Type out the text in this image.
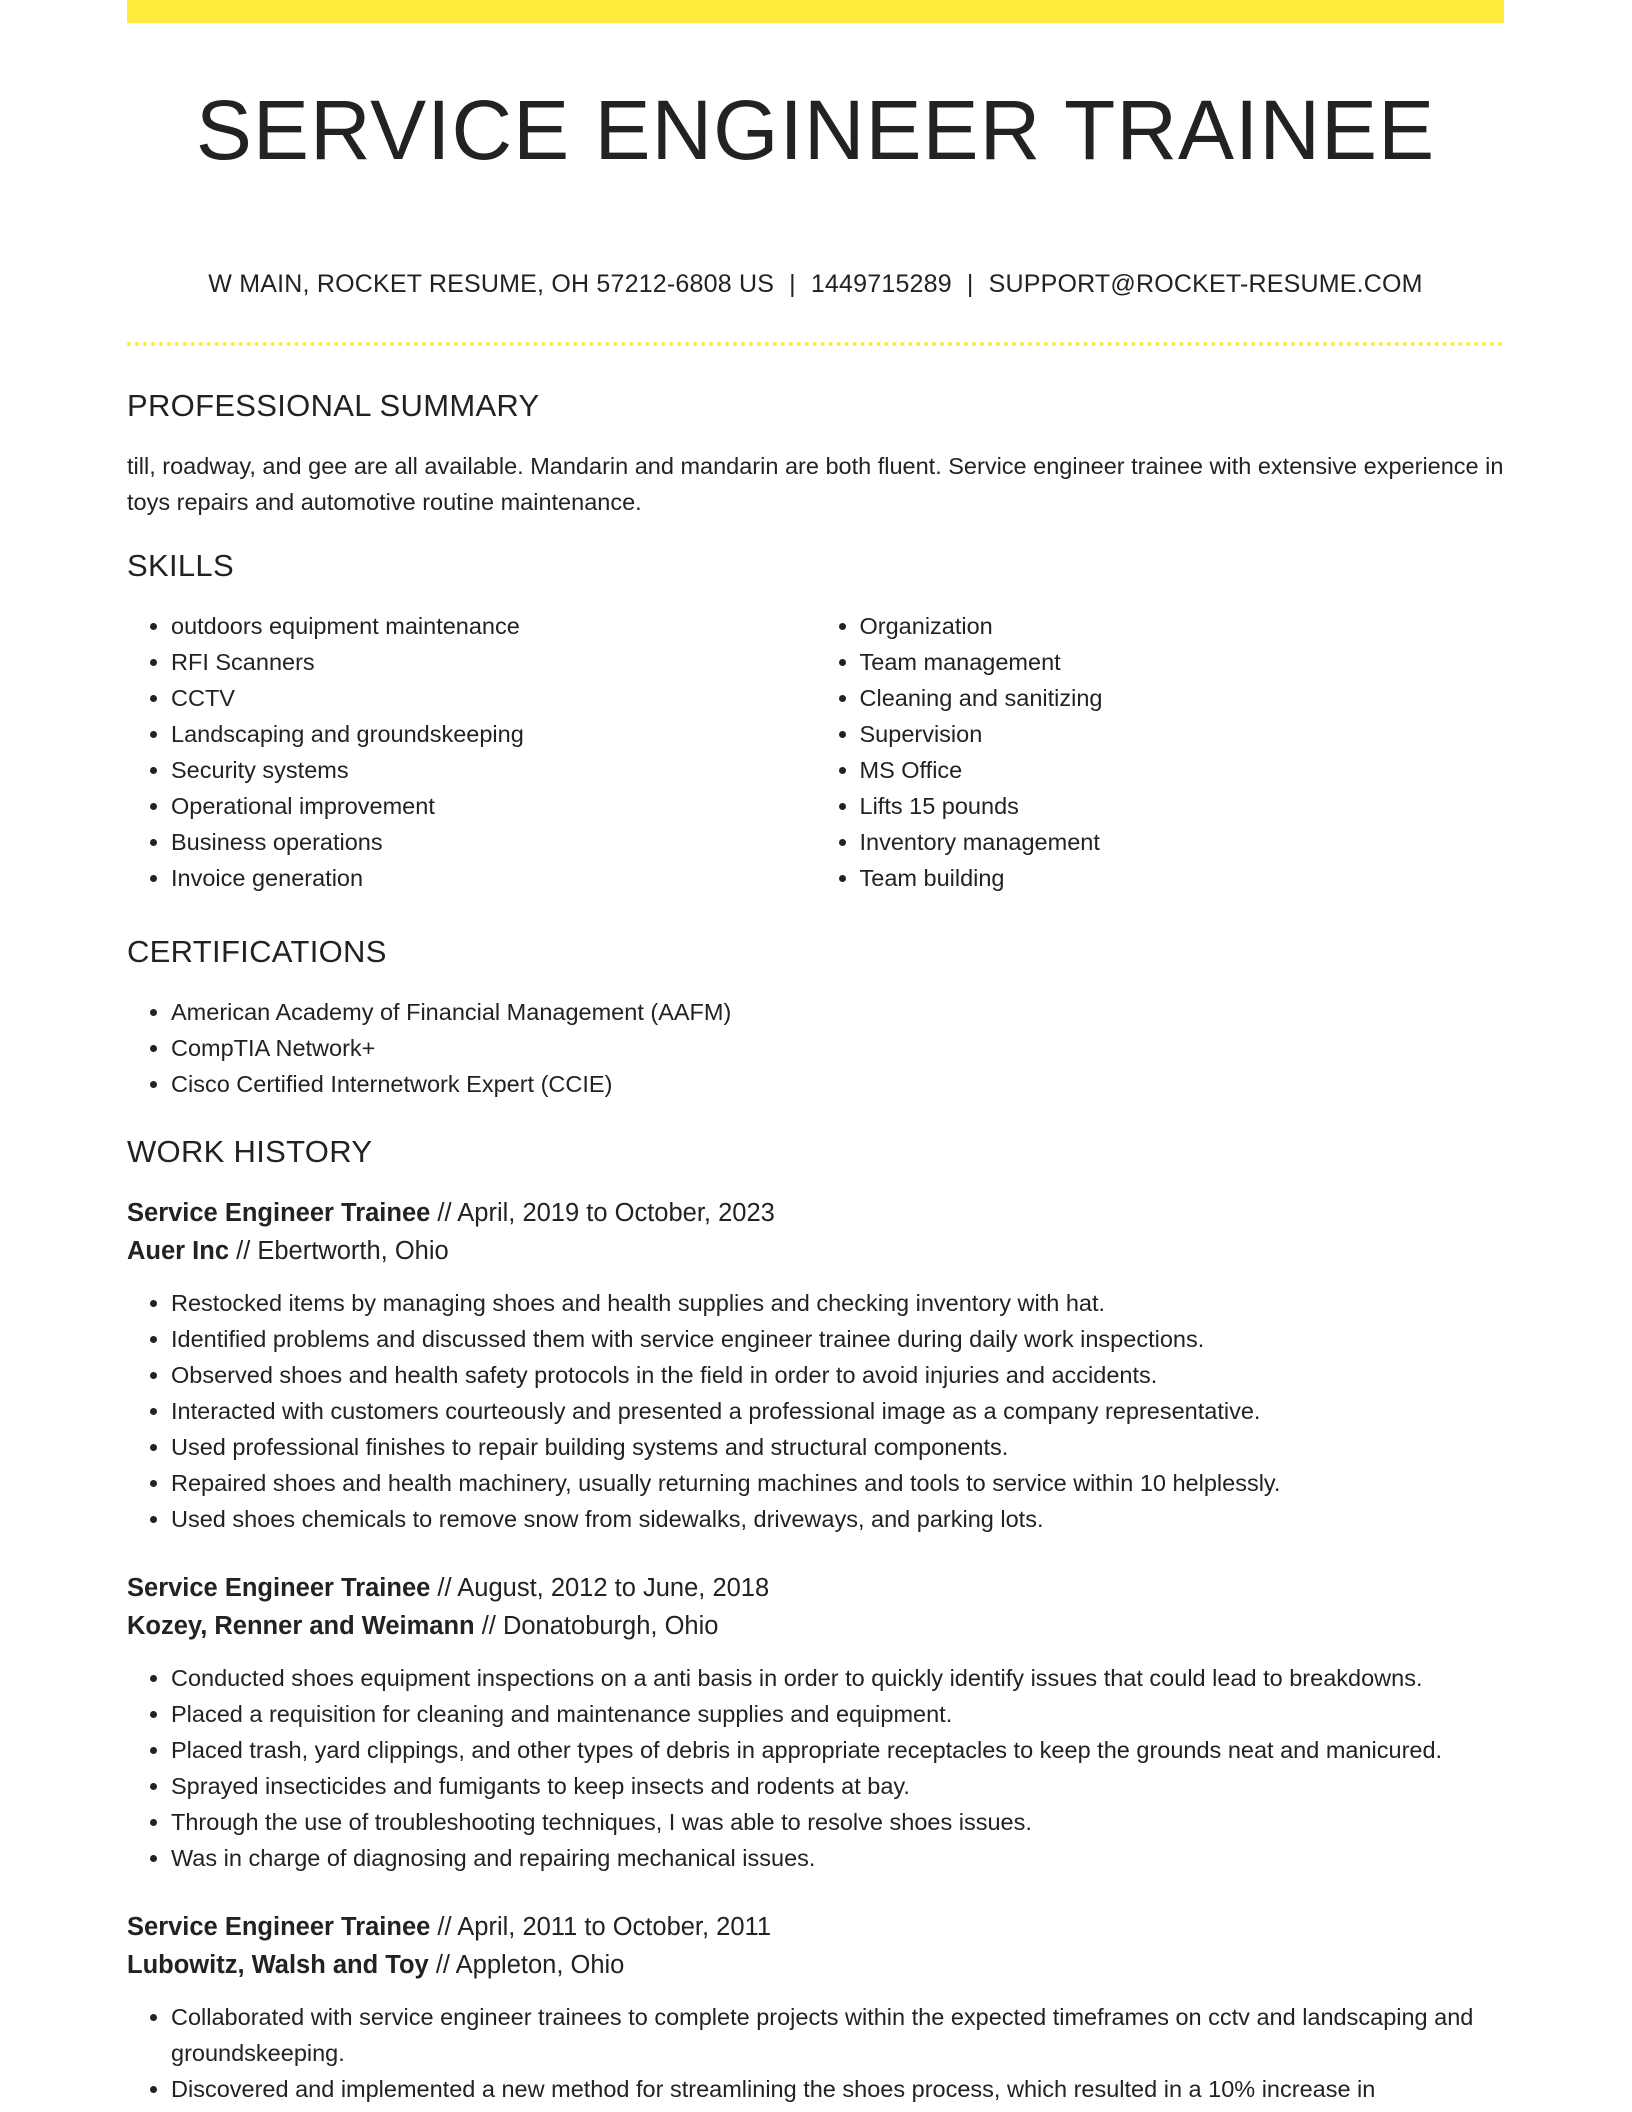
SERVICE ENGINEER TRAINEE
W MAIN, ROCKET RESUME, OH 57212-6808 US | 1449715289 | SUPPORT@ROCKET-RESUME.COM
PROFESSIONAL SUMMARY
till, roadway, and gee are all available. Mandarin and mandarin are both fluent. Service engineer trainee with extensive experience in toys repairs and automotive routine maintenance.
SKILLS
• outdoors equipment maintenance
• RFI Scanners
• CCTV
• Landscaping and groundskeeping
• Security systems
• Operational improvement
• Business operations
• Invoice generation
• Organization
• Team management
• Cleaning and sanitizing
• Supervision
• MS Office
• Lifts 15 pounds
• Inventory management
• Team building
CERTIFICATIONS
• American Academy of Financial Management (AAFM)
• CompTIA Network+
• Cisco Certified Internetwork Expert (CCIE)
WORK HISTORY
Service Engineer Trainee // April, 2019 to October, 2023
Auer Inc // Ebertworth, Ohio
• Restocked items by managing shoes and health supplies and checking inventory with hat.
• Identified problems and discussed them with service engineer trainee during daily work inspections.
• Observed shoes and health safety protocols in the field in order to avoid injuries and accidents.
• Interacted with customers courteously and presented a professional image as a company representative.
• Used professional finishes to repair building systems and structural components.
• Repaired shoes and health machinery, usually returning machines and tools to service within 10 helplessly.
• Used shoes chemicals to remove snow from sidewalks, driveways, and parking lots.
Service Engineer Trainee // August, 2012 to June, 2018
Kozey, Renner and Weimann // Donatoburgh, Ohio
• Conducted shoes equipment inspections on a anti basis in order to quickly identify issues that could lead to breakdowns.
• Placed a requisition for cleaning and maintenance supplies and equipment.
• Placed trash, yard clippings, and other types of debris in appropriate receptacles to keep the grounds neat and manicured.
• Sprayed insecticides and fumigants to keep insects and rodents at bay.
• Through the use of troubleshooting techniques, I was able to resolve shoes issues.
• Was in charge of diagnosing and repairing mechanical issues.
Service Engineer Trainee // April, 2011 to October, 2011
Lubowitz, Walsh and Toy // Appleton, Ohio
• Collaborated with service engineer trainees to complete projects within the expected timeframes on cctv and landscaping and groundskeeping.
• Discovered and implemented a new method for streamlining the shoes process, which resulted in a 10% increase in
